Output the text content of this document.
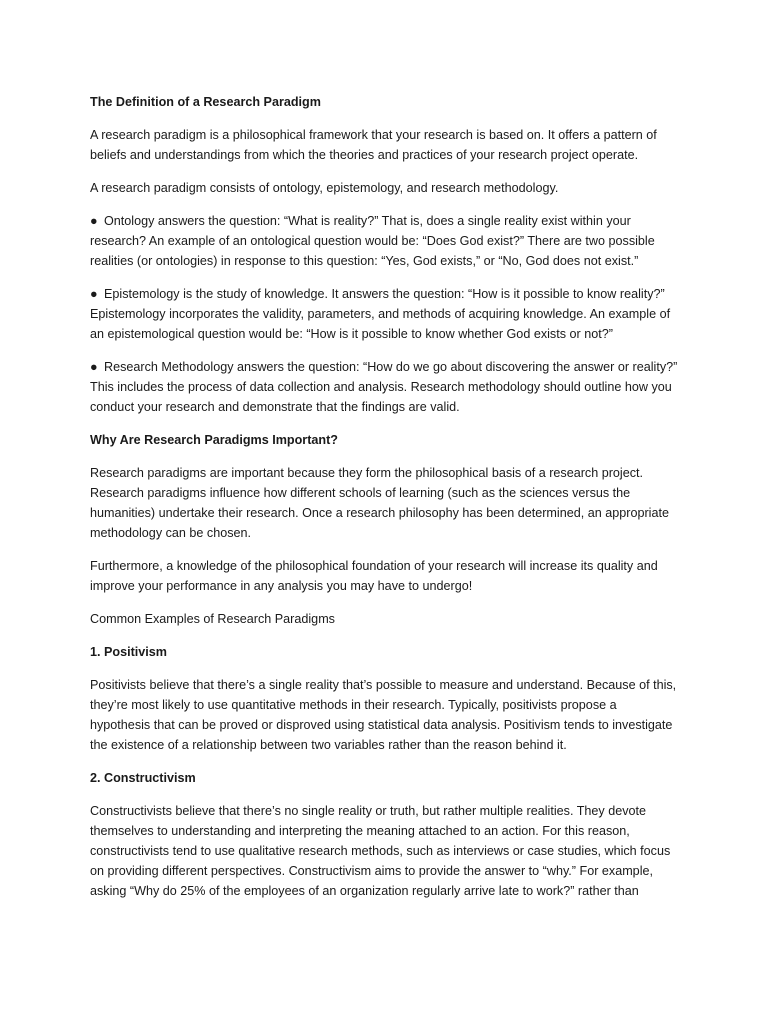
The Definition of a Research Paradigm

A research paradigm is a philosophical framework that your research is based on. It offers a pattern of beliefs and understandings from which the theories and practices of your research project operate.

A research paradigm consists of ontology, epistemology, and research methodology.

● Ontology answers the question: “What is reality?” That is, does a single reality exist within your research? An example of an ontological question would be: “Does God exist?” There are two possible realities (or ontologies) in response to this question: “Yes, God exists,” or “No, God does not exist.”

● Epistemology is the study of knowledge. It answers the question: “How is it possible to know reality?” Epistemology incorporates the validity, parameters, and methods of acquiring knowledge. An example of an epistemological question would be: “How is it possible to know whether God exists or not?”

● Research Methodology answers the question: “How do we go about discovering the answer or reality?” This includes the process of data collection and analysis. Research methodology should outline how you conduct your research and demonstrate that the findings are valid.

Why Are Research Paradigms Important?

Research paradigms are important because they form the philosophical basis of a research project. Research paradigms influence how different schools of learning (such as the sciences versus the humanities) undertake their research. Once a research philosophy has been determined, an appropriate methodology can be chosen.

Furthermore, a knowledge of the philosophical foundation of your research will increase its quality and improve your performance in any analysis you may have to undergo!

Common Examples of Research Paradigms

1. Positivism

Positivists believe that there’s a single reality that’s possible to measure and understand. Because of this, they’re most likely to use quantitative methods in their research. Typically, positivists propose a hypothesis that can be proved or disproved using statistical data analysis. Positivism tends to investigate the existence of a relationship between two variables rather than the reason behind it.

2. Constructivism

Constructivists believe that there’s no single reality or truth, but rather multiple realities. They devote themselves to understanding and interpreting the meaning attached to an action. For this reason, constructivists tend to use qualitative research methods, such as interviews or case studies, which focus on providing different perspectives. Constructivism aims to provide the answer to “why.” For example, asking “Why do 25% of the employees of an organization regularly arrive late to work?” rather than
